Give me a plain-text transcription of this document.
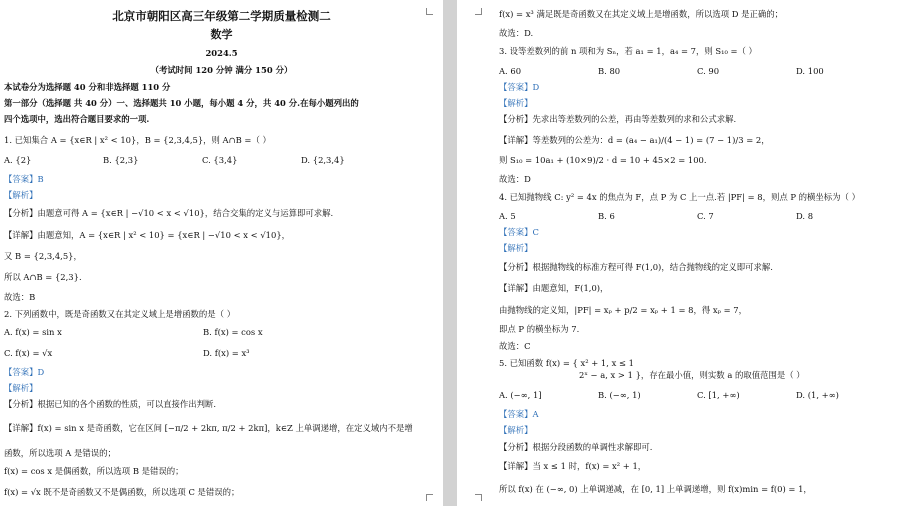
北京市朝阳区高三年级第二学期质量检测二
数学
2024.5
（考试时间 120 分钟 满分 150 分）
本试卷分为选择题 40 分和非选择题 110 分
第一部分（选择题 共 40 分）一、选择题共 10 小题，每小题 4 分，共 40 分.在每小题列出的
四个选项中，选出符合题目要求的一项.
1. 已知集合 A = {x∈R | x² < 10}，B = {2,3,4,5}，则 A∩B =（ ）
A. {2}	B. {2,3}	C. {3,4}	D. {2,3,4}
【答案】B
【解析】
【分析】由题意可得 A = {x∈R | −√10 < x < √10}，结合交集的定义与运算即可求解.
【详解】由题意知，A = {x∈R | x² < 10} = {x∈R | −√10 < x < √10}，
又 B = {2,3,4,5}，
所以 A∩B = {2,3}.
故选：B
2. 下列函数中，既是奇函数又在其定义域上是增函数的是（ ）
A. f(x) = sin x	B. f(x) = cos x
C. f(x) = √x	D. f(x) = x³
【答案】D
【解析】
【分析】根据已知的各个函数的性质，可以直接作出判断.
【详解】f(x) = sin x 是奇函数，它在区间 [−π/2 + 2kπ, π/2 + 2kπ]，k∈Z 上单调递增，在定义域内不是增
函数，所以选项 A 是错误的；
f(x) = cos x 是偶函数，所以选项 B 是错误的；
f(x) = √x 既不是奇函数又不是偶函数，所以选项 C 是错误的；
f(x) = x³ 满足既是奇函数又在其定义域上是增函数，所以选项 D 是正确的；
故选：D.
3. 设等差数列的前 n 项和为 Sₙ，若 a₁ = 1，a₄ = 7，则 S₁₀ =（ ）
A. 60	B. 80	C. 90	D. 100
【答案】D
【解析】
【分析】先求出等差数列的公差，再由等差数列的求和公式求解.
【详解】等差数列的公差为：d = (a₄ − a₁)/(4 − 1) = (7 − 1)/3 = 2，
则 S₁₀ = 10a₁ + (10×9)/2 · d = 10 + 45×2 = 100.
故选：D
4. 已知抛物线 C: y² = 4x 的焦点为 F，点 P 为 C 上一点.若 |PF| = 8，则点 P 的横坐标为（ ）
A. 5	B. 6	C. 7	D. 8
【答案】C
【解析】
【分析】根据抛物线的标准方程可得 F(1,0)，结合抛物线的定义即可求解.
【详解】由题意知，F(1,0)，
由抛物线的定义知，|PF| = xₚ + p/2 = xₚ + 1 = 8，得 xₚ = 7，
即点 P 的横坐标为 7.
故选：C
5. 已知函数 f(x) = { x² + 1, x ≤ 1
2ˣ − a, x > 1 }，存在最小值，则实数 a 的取值范围是（ ）
A. (−∞, 1]	B. (−∞, 1)	C. [1, +∞)	D. (1, +∞)
【答案】A
【解析】
【分析】根据分段函数的单调性求解即可.
【详解】当 x ≤ 1 时，f(x) = x² + 1，
所以 f(x) 在 (−∞, 0) 上单调递减，在 [0, 1] 上单调递增，则 f(x)min = f(0) = 1，
